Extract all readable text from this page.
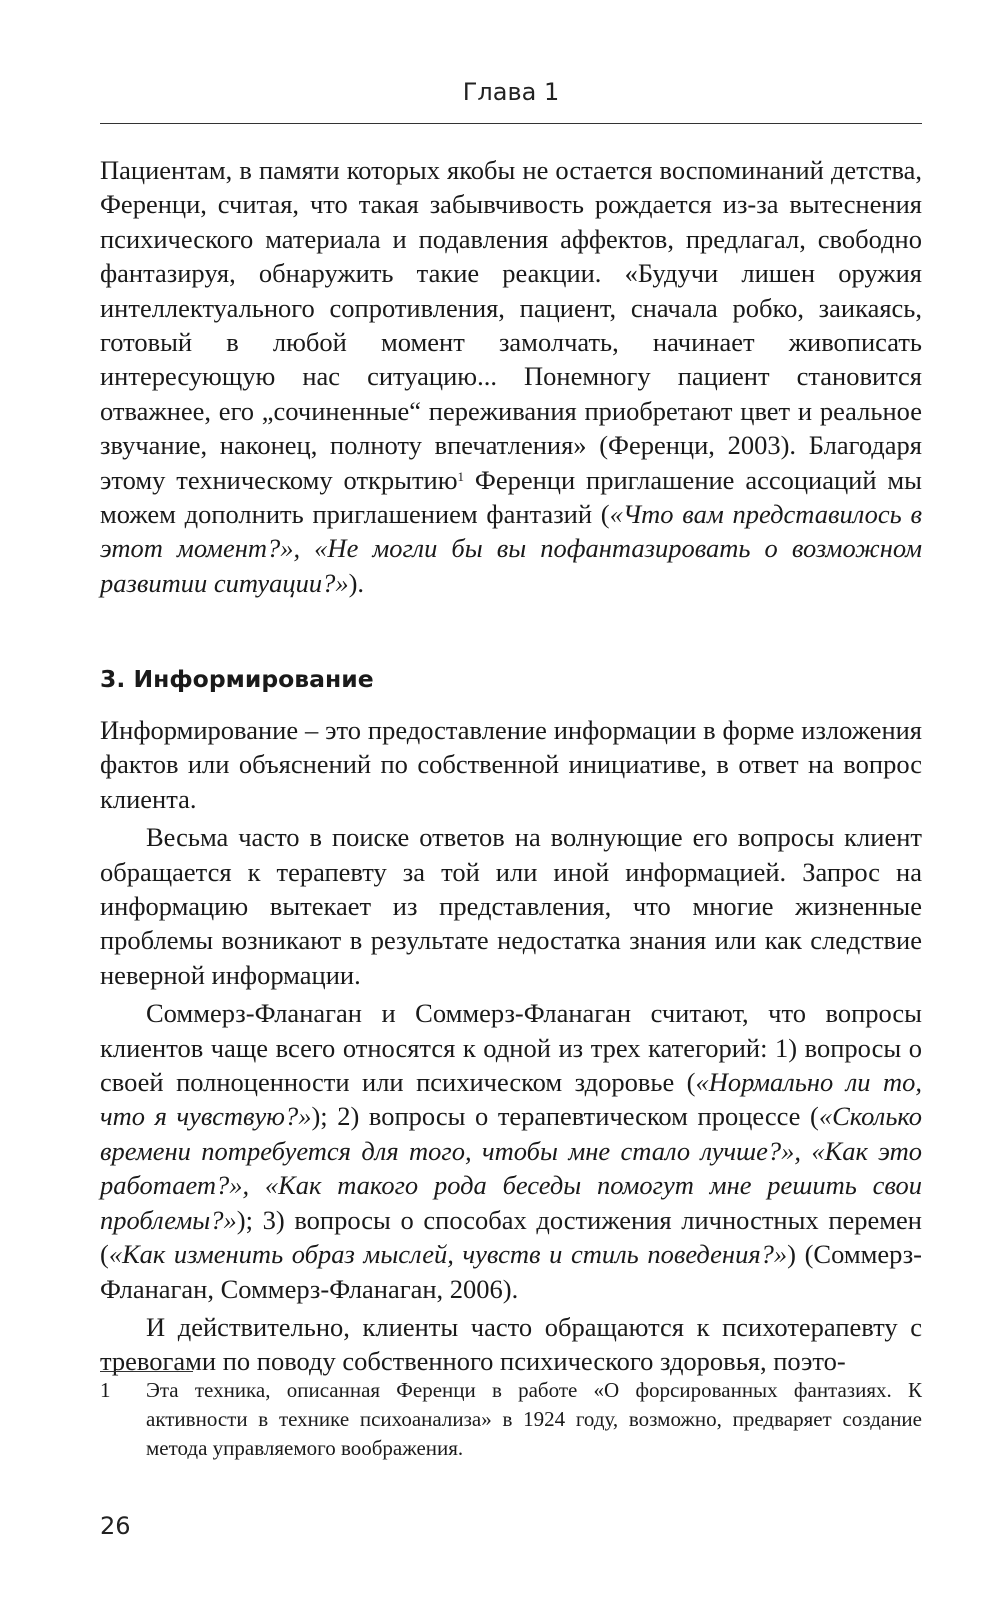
Глава 1

Пациентам, в памяти которых якобы не остается воспоминаний детства, Ференци, считая, что такая забывчивость рождается из-за вытеснения психического материала и подавления аффектов, предлагал, свободно фантазируя, обнаружить такие реакции. «Будучи лишен оружия интеллектуального сопротивления, пациент, сначала робко, заикаясь, готовый в любой момент замолчать, начинает живописать интересующую нас ситуацию... Понемногу пациент становится отважнее, его „сочиненные“ переживания приобретают цвет и реальное звучание, наконец, полноту впечатления» (Ференци, 2003). Благодаря этому техническому открытию$^1$ Ференци приглашение ассоциаций мы можем дополнить приглашением фантазий («Что вам представилось в этот момент?», «Не могли бы вы пофантазировать о возможном развитии ситуации?»).

3. Информирование

Информирование – это предоставление информации в форме изложения фактов или объяснений по собственной инициативе, в ответ на вопрос клиента.

Весьма часто в поиске ответов на волнующие его вопросы клиент обращается к терапевту за той или иной информацией. Запрос на информацию вытекает из представления, что многие жизненные проблемы возникают в результате недостатка знания или как следствие неверной информации.

Соммерз-Фланаган и Соммерз-Фланаган считают, что вопросы клиентов чаще всего относятся к одной из трех категорий: 1) вопросы о своей полноценности или психическом здоровье («Нормально ли то, что я чувствую?»); 2) вопросы о терапевтическом процессе («Сколько времени потребуется для того, чтобы мне стало лучше?», «Как это работает?», «Как такого рода беседы помогут мне решить свои проблемы?»); 3) вопросы о способах достижения личностных перемен («Как изменить образ мыслей, чувств и стиль поведения?») (Соммерз-Фланаган, Соммерз-Фланаган, 2006).

И действительно, клиенты часто обращаются к психотерапевту с тревогами по поводу собственного психического здоровья, поэто-

1	Эта техника, описанная Ференци в работе «О форсированных фантазиях. К активности в технике психоанализа» в 1924 году, возможно, предваряет создание метода управляемого воображения.
26
